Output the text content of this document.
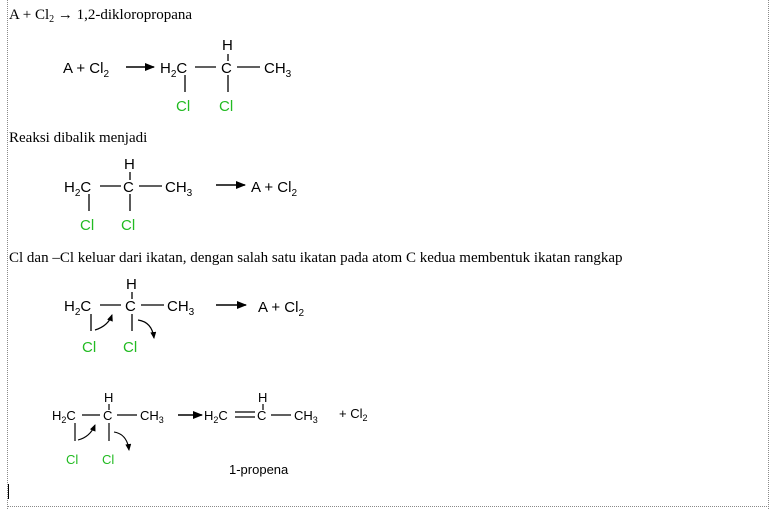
$A + Cl_2$ → 1,2-dikloropropana
Reaksi dibalik menjadi
Cl dan –Cl keluar dari ikatan, dengan salah satu ikatan pada atom C kedua membentuk ikatan rangkap
$A + Cl_2$	$H_2C$ C $CH_3$
H
Cl Cl
$H_2C$ C $CH_3$
H
Cl Cl
$A + Cl_2$
$H_2C$ C $CH_3$
H
Cl Cl
$A + Cl_2$
$H_2C$ C $CH_3$
H
Cl Cl
$H_2C$ C $CH_3$
H
+ $Cl_2$
1-propena
